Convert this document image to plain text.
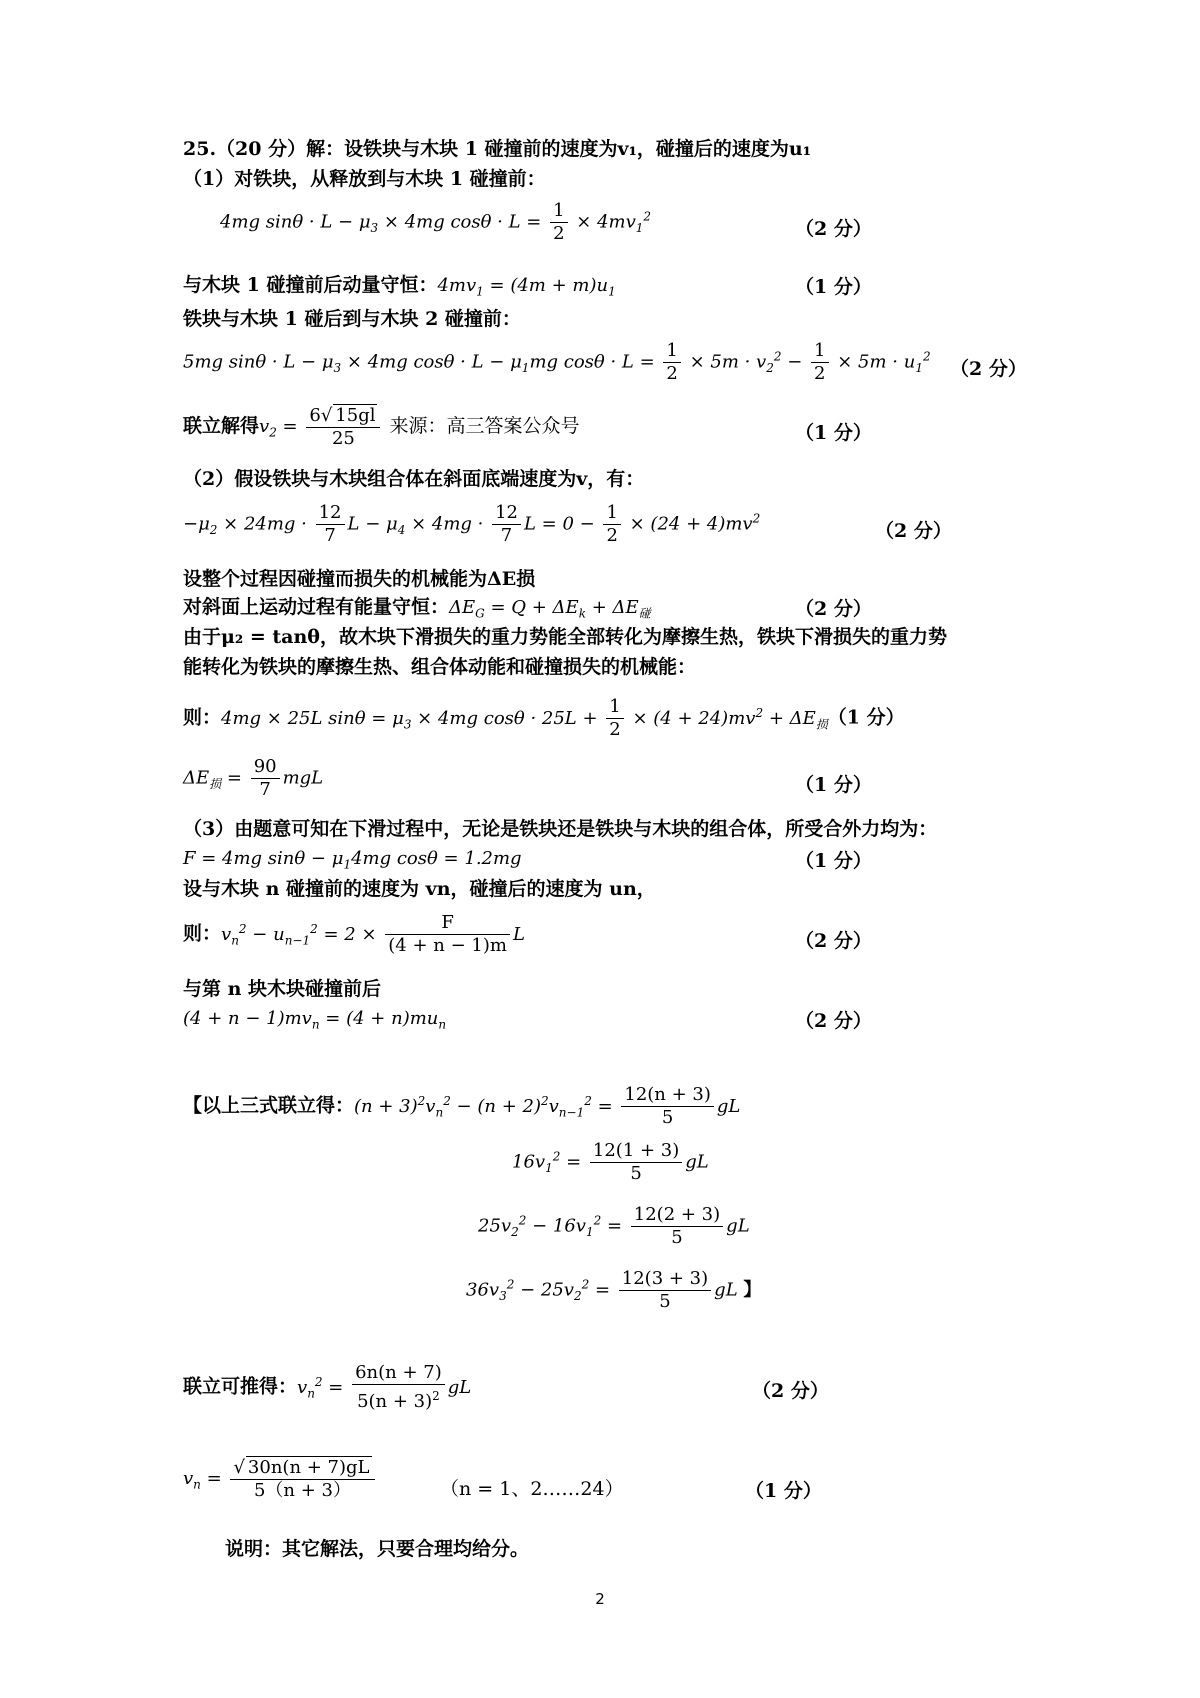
25.（20 分）解：设铁块与木块 1 碰撞前的速度为v₁，碰撞后的速度为u₁
（1）对铁块，从释放到与木块 1 碰撞前：
4mg $\sin\theta \cdot L - \mu_3 \times 4mg$ $\cos\theta \cdot L = \frac{1}{2} \times 4mv_1^2$
（2 分）
与木块 1 碰撞前后动量守恒：$4mv_1 = (4m + m)u_1$	（1 分）
铁块与木块 1 碰后到与木块 2 碰撞前：
5mg $\sin\theta \cdot L - \mu_3 \times 4mg$ $\cos\theta \cdot L - \mu_1mg$ $\cos\theta \cdot L = \frac{1}{2} \times 5m \cdot v_2^2 - \frac{1}{2} \times 5m \cdot u_1^2$
（2 分）
联立解得$v_2 = \frac{6√ 15gl}{25}$ 来源：高三答案公众号	（1 分）
（2）假设铁块与木块组合体在斜面底端速度为v，有：
$-\mu_2 \times 24mg \cdot \frac{12}{7}$ $L - \mu_4 \times 4mg \cdot \frac{12}{7}$ $L = 0 - \frac{1}{2} \times (24 + 4)mv^2$
（2 分）
设整个过程因碰撞而损失的机械能为ΔE损
对斜面上运动过程有能量守恒：$\Delta E_G = Q + \Delta E_k + \Delta E_碰$	（2 分）
由于μ₂ = tanθ，故木块下滑损失的重力势能全部转化为摩擦生热，铁块下滑损失的重力势
能转化为铁块的摩擦生热、组合体动能和碰撞损失的机械能：
则：4mg × 25L $\sin\theta = \mu_3 \times 4mg$ $\cos\theta \cdot 25L + \frac{1}{2} \times (4 + 24)mv^2 + \Delta E_损(1$ 分）
$\Delta E_损 = \frac{90}{7}$ mgL	（1 分）
（3）由题意可知在下滑过程中，无论是铁块还是铁块与木块的组合体，所受合外力均为：
F = 4mg $\sin\theta - \mu_14mg$ cosθ = 1.2mg	（1 分）
设与木块 n 碰撞前的速度为 vn，碰撞后的速度为 un，
则：$v_n^2 - u_{n-1}^2 = 2 \times \frac{F}{(4 + n - 1)m}$ L	（2 分）
与第 n 块木块碰撞前后
$(4 + n - 1)mv_n = (4 + n)mu_n$	（2 分）
【以上三式联立得：$(n + 3)^2v_n^2 - (n + 2)^2v_{n-1}^2 = \frac{12(n + 3)}{5}$ gL
$16v_1^2 = \frac{12(1 + 3)}{5}$ gL
$25v_2^2 - 16v_1^2 = \frac{12(2 + 3)}{5}$ gL
$36v_3^2 - 25v_2^2 = \frac{12(3 + 3)}{5}$ gL 】
联立可推得：$v_n^2 = \frac{6n(n + 7)}{5(n + 3)^2}$ gL	（2 分）
$v_n = \frac{√ 30n(n + 7)gL}{5(n + 3)}$	（n = 1、2……24）	（1 分）
说明：其它解法，只要合理均给分。
2
